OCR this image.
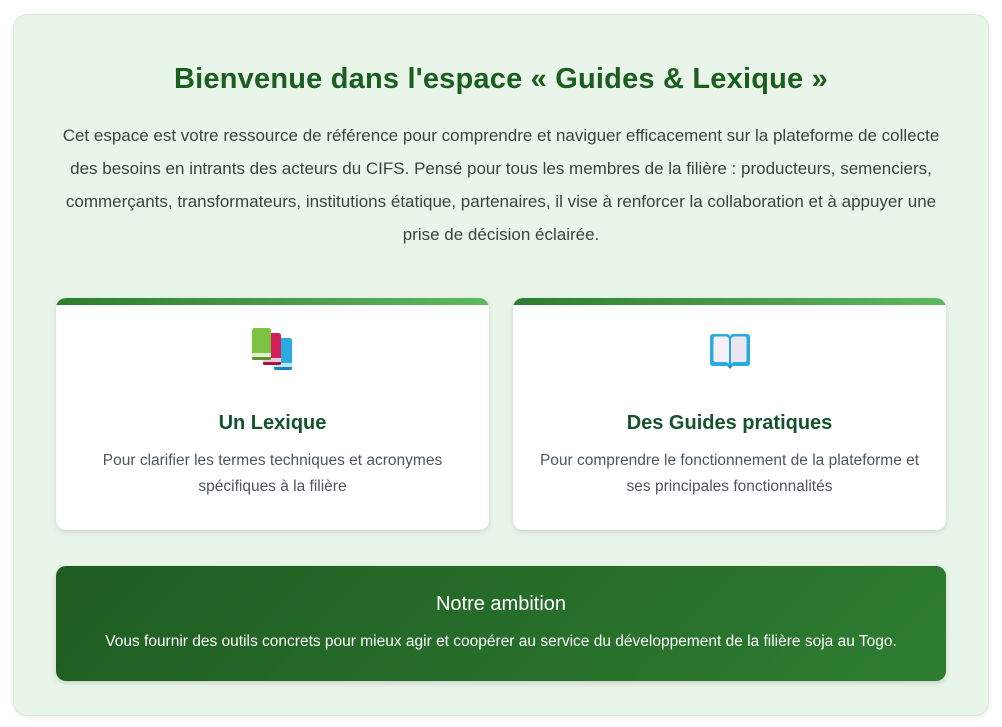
Bienvenue dans l'espace « Guides & Lexique »

Cet espace est votre ressource de référence pour comprendre et naviguer efficacement sur la plateforme de collecte des besoins en intrants des acteurs du CIFS. Pensé pour tous les membres de la filière : producteurs, semenciers, commerçants, transformateurs, institutions étatique, partenaires, il vise à renforcer la collaboration et à appuyer une prise de décision éclairée.

Un Lexique
Pour clarifier les termes techniques et acronymes spécifiques à la filière
Des Guides pratiques
Pour comprendre le fonctionnement de la plateforme et ses principales fonctionnalités
Notre ambition
Vous fournir des outils concrets pour mieux agir et coopérer au service du développement de la filière soja au Togo.
